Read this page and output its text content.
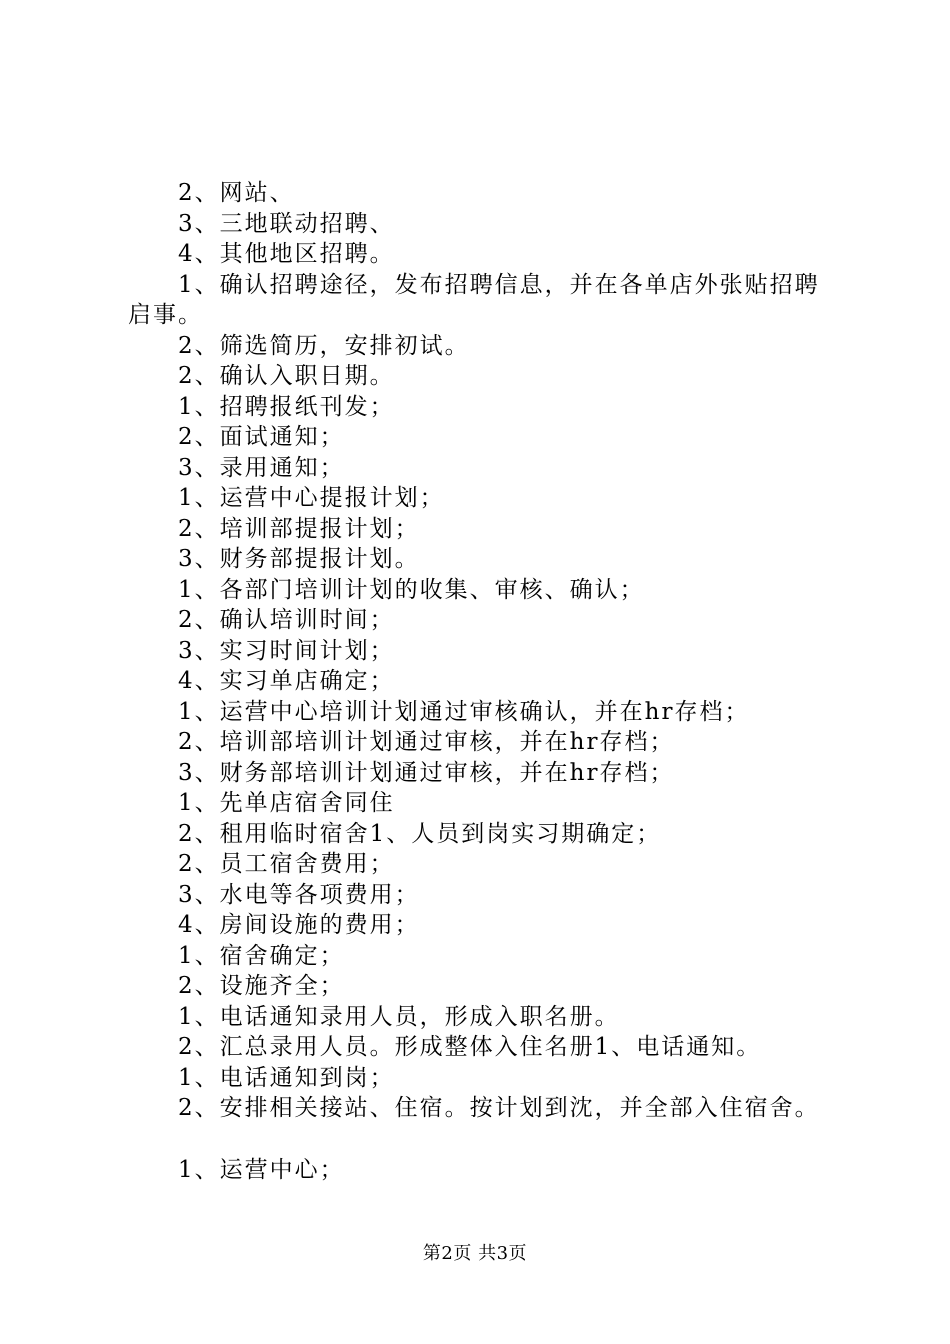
2、网站、

3、三地联动招聘、

4、其他地区招聘。

1、确认招聘途径，发布招聘信息，并在各单店外张贴招聘启事。

2、筛选简历，安排初试。

2、确认入职日期。

1、招聘报纸刊发；

2、面试通知；

3、录用通知；

1、运营中心提报计划；

2、培训部提报计划；

3、财务部提报计划。

1、各部门培训计划的收集、审核、确认；

2、确认培训时间；

3、实习时间计划；

4、实习单店确定；

1、运营中心培训计划通过审核确认，并在hr存档；

2、培训部培训计划通过审核，并在hr存档；

3、财务部培训计划通过审核，并在hr存档；

1、先单店宿舍同住

2、租用临时宿舍1、人员到岗实习期确定；

2、员工宿舍费用；

3、水电等各项费用；

4、房间设施的费用；

1、宿舍确定；

2、设施齐全；

1、电话通知录用人员，形成入职名册。

2、汇总录用人员。形成整体入住名册1、电话通知。

1、电话通知到岗；

2、安排相关接站、住宿。按计划到沈，并全部入住宿舍。

1、运营中心；

第2页 共3页
